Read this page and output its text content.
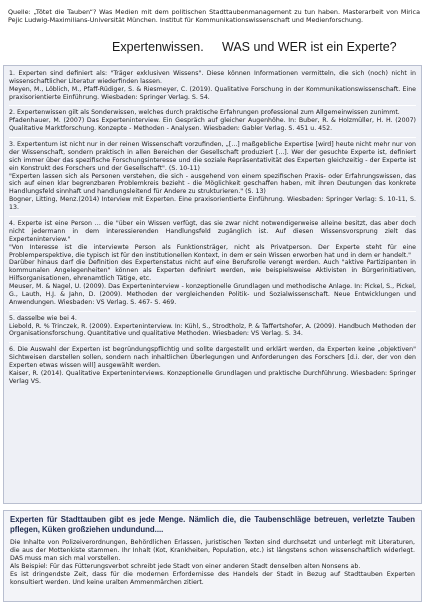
Quelle: „Tötet die Tauben“? Was Medien mit dem politischen Stadttaubenmanagement zu tun haben. Masterarbeit von Mirica Pejic Ludwig-Maximilians-Universität München. Institut für Kommunikationswissenschaft und Medienforschung.
Expertenwissen. WAS und WER ist ein Experte?

1. Experten sind definiert als: "Träger exklusiven Wissens". Diese können Informationen vermitteln, die sich (noch) nicht in wissenschaftlicher Literatur wiederfinden lassen.

Meyen, M., Löblich, M., Pfaff-Rüdiger, S. & Riesmeyer, C. (2019). Qualitative Forschung in der Kommunikationswissenschaft. Eine praxisorientierte Einführung. Wiesbaden: Springer Verlag. S. 54.

2. Expertenwissen gilt als Sonderwissen, welches durch praktische Erfahrungen professional zum Allgemeinwissen zunimmt.

Pfadenhauer, M. (2007) Das Experteninterview. Ein Gespräch auf gleicher Augenhöhe. In: Buber, R. & Holzmüller, H. H. (2007) Qualitative Marktforschung. Konzepte - Methoden - Analysen. Wiesbaden: Gabler Verlag. S. 451 u. 452.

3. Expertentum ist nicht nur in der reinen Wissenschaft vorzufinden, „[...] maßgebliche Expertise [wird] heute nicht mehr nur von der Wissenschaft, sondern praktisch in allen Bereichen der Gesellschaft produziert [...]. Wer der gesuchte Experte ist, definiert sich immer über das spezifische Forschungsinteresse und die soziale Repräsentativität des Experten gleichzeitig - der Experte ist ein Konstrukt des Forschers und der Gesellschaft". (S. 10-11)

"Experten lassen sich als Personen verstehen, die sich - ausgehend von einem spezifischen Praxis- oder Erfahrungswissen, das sich auf einen klar begrenzbaren Problemkreis bezieht - die Möglichkeit geschaffen haben, mit ihren Deutungen das konkrete Handlungsfeld sinnhaft und handlungsleitend für Andere zu strukturieren." (S. 13)

Bogner, Litting, Menz.(2014) Interview mit Experten. Eine praxisorientierte Einführung. Wiesbaden: Springer Verlag: S. 10-11, S. 13.

4. Experte ist eine Person … die "über ein Wissen verfügt, das sie zwar nicht notwendigerweise alleine besitzt, das aber doch nicht jedermann in dem interessierenden Handlungsfeld zugänglich ist. Auf diesen Wissensvorsprung zielt das Experteninterview."

"Von Interesse ist die interviewte Person als Funktionsträger, nicht als Privatperson. Der Experte steht für eine Problemperspektive, die typisch ist für den institutionellen Kontext, in dem er sein Wissen erworben hat und in dem er handelt."

Darüber hinaus darf die Definition des Expertenstatus nicht auf eine Berufsrolle verengt werden. Auch "aktive Partizipanten in kommunalen Angelegenheiten" können als Experten definiert werden, wie beispielsweise Aktivisten in Bürgerinitiativen, Hilfsorganisationen, ehrenamtlich Tätige, etc.

Meuser, M. & Nagel, U. (2009). Das Experteninterview - konzeptionelle Grundlagen und methodische Anlage. In: Pickel, S., Pickel, G., Lauth, H.J. & Jahn, D. (2009). Methoden der vergleichenden Politik- und Sozialwissenschaft. Neue Entwicklungen und Anwendungen. Wiesbaden: VS Verlag. S. 467- S. 469.

5. dasselbe wie bei 4.

Liebold, R. % Trinczek, R. (2009). Experteninterview. In: Kühl, S., Strodtholz, P. & Taffertshofer, A. (2009). Handbuch Methoden der Organisationsforschung. Quantitative und qualitative Methoden. Wiesbaden: VS Verlag. S. 34.

6. Die Auswahl der Experten ist begründungspflichtig und sollte dargestellt und erklärt werden, da Experten keine „objektiven" Sichtweisen darstellen sollen, sondern nach inhaltlichen Überlegungen und Anforderungen des Forschers [d.i. der, der von den Experten etwas wissen will] ausgewählt werden.

Kaiser, R. (2014). Qualitative Experteninterviews. Konzeptionelle Grundlagen und praktische Durchführung. Wiesbaden: Springer Verlag VS.

Experten für Stadttauben gibt es jede Menge. Nämlich die, die Taubenschläge betreuen, verletzte Tauben pflegen, Küken großziehen undundund....

Die Inhalte von Polizeiverordnungen, Behördlichen Erlassen, juristischen Texten sind durchsetzt und unterlegt mit Literaturen, die aus der Mottenkiste stammen. Ihr Inhalt (Kot, Krankheiten, Population, etc.) ist längstens schon wissenschaftlich widerlegt. DAS muss man sich mal vorstellen.

Als Beispiel: Für das Fütterungsverbot schreibt jede Stadt von einer anderen Stadt denselben alten Nonsens ab.

Es ist dringendste Zeit, dass für die modernen Erfordernisse des Handels der Stadt in Bezug auf Stadttauben Experten konsultiert werden. Und keine uralten Ammenmärchen zitiert.
